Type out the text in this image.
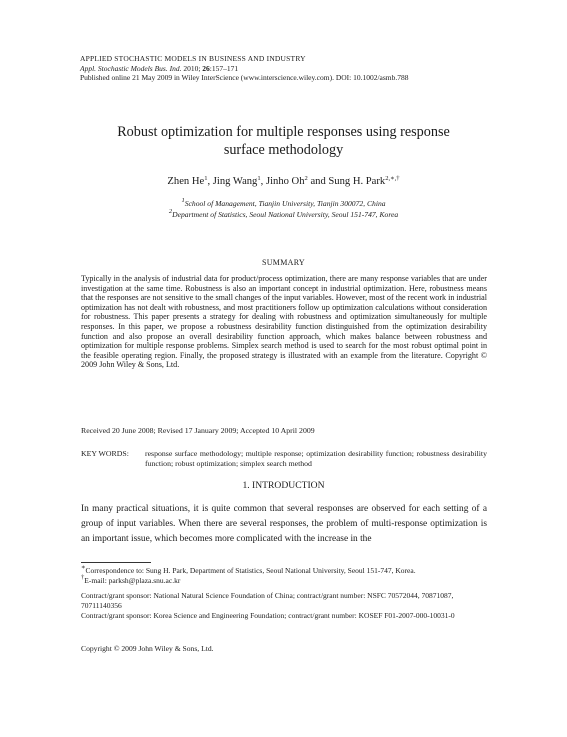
APPLIED STOCHASTIC MODELS IN BUSINESS AND INDUSTRY
Appl. Stochastic Models Bus. Ind. 2010; 26:157–171
Published online 21 May 2009 in Wiley InterScience (www.interscience.wiley.com). DOI: 10.1002/asmb.788
Robust optimization for multiple responses using response
surface methodology
Zhen He$^1$, Jing Wang$^1$, Jinho Oh$^2$ and Sung H. Park$^{2,∗,\dagger}$
$^1$School of Management, Tianjin University, Tianjin 300072, China
$^2$Department of Statistics, Seoul National University, Seoul 151-747, Korea
SUMMARY
Typically in the analysis of industrial data for product/process optimization, there are many response variables that are under investigation at the same time. Robustness is also an important concept in industrial optimization. Here, robustness means that the responses are not sensitive to the small changes of the input variables. However, most of the recent work in industrial optimization has not dealt with robustness, and most practitioners follow up optimization calculations without consideration for robustness. This paper presents a strategy for dealing with robustness and optimization simultaneously for multiple responses. In this paper, we propose a robustness desirability function distinguished from the optimization desirability function and also propose an overall desirability function approach, which makes balance between robustness and optimization for multiple response problems. Simplex search method is used to search for the most robust optimal point in the feasible operating region. Finally, the proposed strategy is illustrated with an example from the literature. Copyright © 2009 John Wiley & Sons, Ltd.
Received 20 June 2008; Revised 17 January 2009; Accepted 10 April 2009
KEY WORDS:	response surface methodology; multiple response; optimization desirability function; robustness desirability function; robust optimization; simplex search method
1. INTRODUCTION
In many practical situations, it is quite common that several responses are observed for each setting of a group of input variables. When there are several responses, the problem of multi-response optimization is an important issue, which becomes more complicated with the increase in the
∗Correspondence to: Sung H. Park, Department of Statistics, Seoul National University, Seoul 151-747, Korea.
†E-mail: parksh@plaza.snu.ac.kr
Contract/grant sponsor: National Natural Science Foundation of China; contract/grant number: NSFC 70572044, 70871087, 70711140356
Contract/grant sponsor: Korea Science and Engineering Foundation; contract/grant number: KOSEF F01-2007-000-10031-0
Copyright © 2009 John Wiley & Sons, Ltd.
